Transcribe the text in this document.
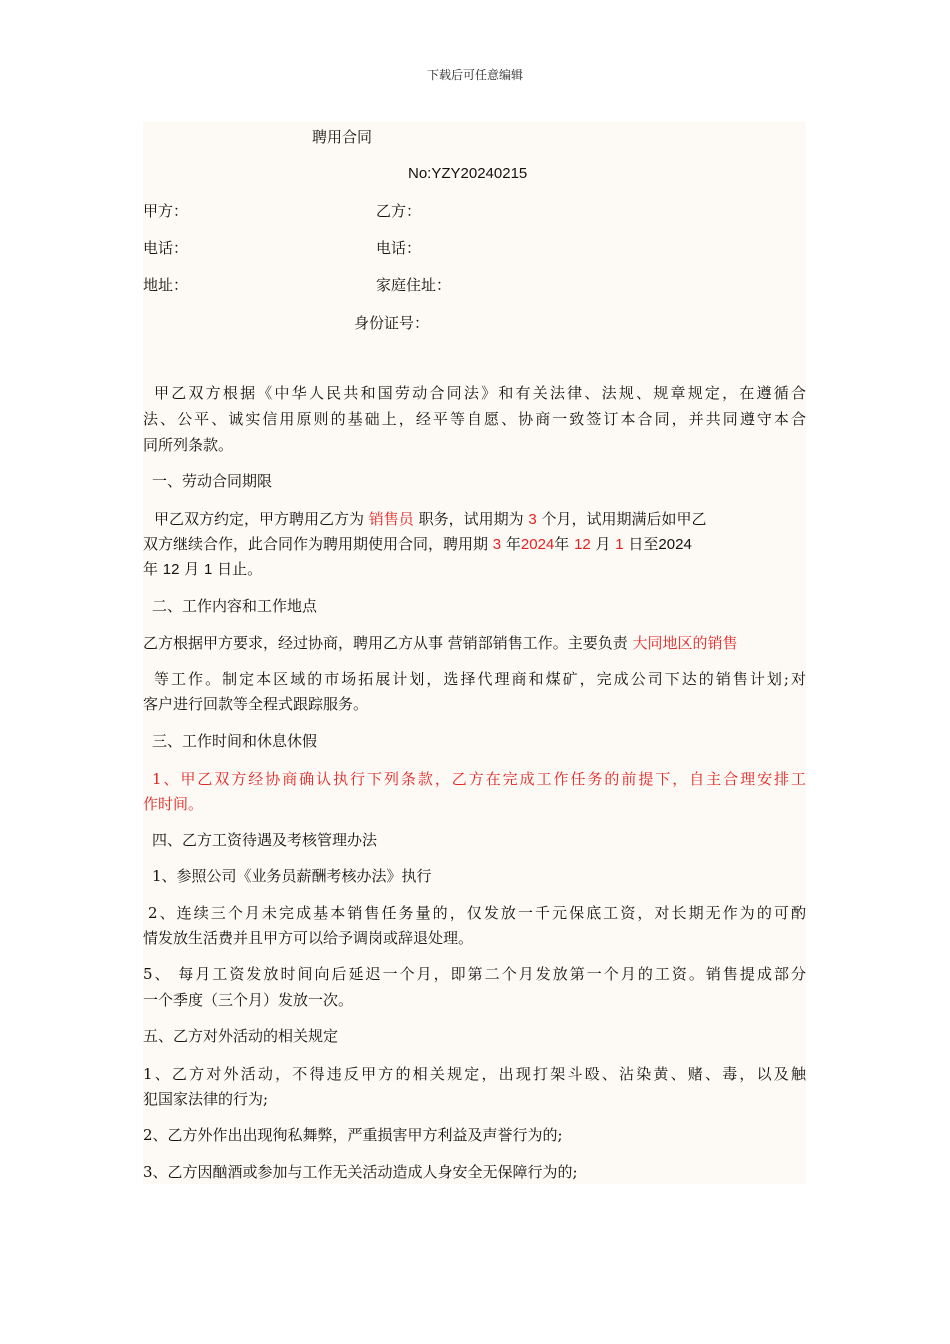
下载后可任意编辑
聘用合同
No:YZY20240215
甲方：	乙方：
电话：	电话：
地址：	家庭住址：
身份证号：
甲乙双方根据《中华人民共和国劳动合同法》和有关法律、法规、规章规定，在遵循合
法、公平、诚实信用原则的基础上，经平等自愿、协商一致签订本合同，并共同遵守本合
同所列条款。
一、劳动合同期限
甲乙双方约定，甲方聘用乙方为 销售员 职务，试用期为 3 个月，试用期满后如甲乙
双方继续合作，此合同作为聘用期使用合同，聘用期 3 年2024年 12 月 1 日至2024
年 12 月 1 日止。
二、工作内容和工作地点
乙方根据甲方要求，经过协商，聘用乙方从事 营销部销售工作。主要负责 大同地区的销售
等工作。制定本区域的市场拓展计划，选择代理商和煤矿，完成公司下达的销售计划;对
客户进行回款等全程式跟踪服务。
三、工作时间和休息休假
1、甲乙双方经协商确认执行下列条款，乙方在完成工作任务的前提下，自主合理安排工
作时间。
四、乙方工资待遇及考核管理办法
1、参照公司《业务员薪酬考核办法》执行
2、连续三个月未完成基本销售任务量的，仅发放一千元保底工资，对长期无作为的可酌
情发放生活费并且甲方可以给予调岗或辞退处理。
5、 每月工资发放时间向后延迟一个月，即第二个月发放第一个月的工资。销售提成部分
一个季度（三个月）发放一次。
五、乙方对外活动的相关规定
1、乙方对外活动，不得违反甲方的相关规定，出现打架斗殴、沾染黄、赌、毒，以及触
犯国家法律的行为;
2、乙方外作出出现徇私舞弊，严重损害甲方利益及声誉行为的;
3、乙方因酗酒或参加与工作无关活动造成人身安全无保障行为的;
